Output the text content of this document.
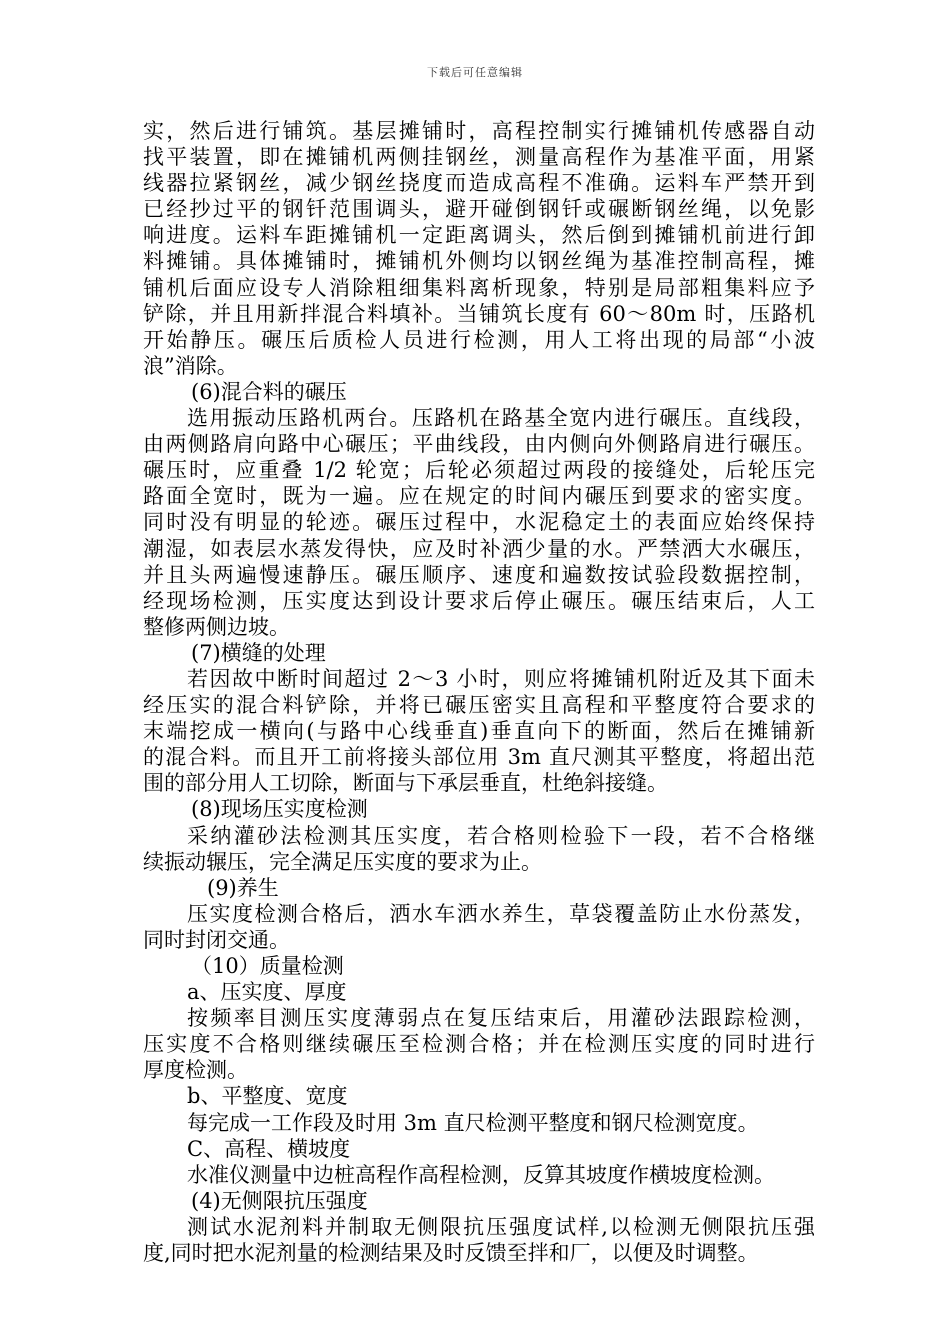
下载后可任意编辑
实，然后进行铺筑。基层摊铺时，高程控制实行摊铺机传感器自动
找平装置，即在摊铺机两侧挂钢丝，测量高程作为基准平面，用紧
线器拉紧钢丝，减少钢丝挠度而造成高程不准确。运料车严禁开到
已经抄过平的钢钎范围调头，避开碰倒钢钎或碾断钢丝绳，以免影
响进度。运料车距摊铺机一定距离调头，然后倒到摊铺机前进行卸
料摊铺。具体摊铺时，摊铺机外侧均以钢丝绳为基准控制高程，摊
铺机后面应设专人消除粗细集料离析现象，特别是局部粗集料应予
铲除，并且用新拌混合料填补。当铺筑长度有 60～80m 时，压路机
开始静压。碾压后质检人员进行检测，用人工将出现的局部“小波
浪”消除。
(6)混合料的碾压
选用振动压路机两台。压路机在路基全宽内进行碾压。直线段，
由两侧路肩向路中心碾压；平曲线段，由内侧向外侧路肩进行碾压。
碾压时，应重叠 1/2 轮宽；后轮必须超过两段的接缝处，后轮压完
路面全宽时，既为一遍。应在规定的时间内碾压到要求的密实度。
同时没有明显的轮迹。碾压过程中，水泥稳定土的表面应始终保持
潮湿，如表层水蒸发得快，应及时补洒少量的水。严禁洒大水碾压，
并且头两遍慢速静压。碾压顺序、速度和遍数按试验段数据控制，
经现场检测，压实度达到设计要求后停止碾压。碾压结束后，人工
整修两侧边坡。
(7)横缝的处理
若因故中断时间超过 2～3 小时，则应将摊铺机附近及其下面未
经压实的混合料铲除，并将已碾压密实且高程和平整度符合要求的
末端挖成一横向(与路中心线垂直)垂直向下的断面，然后在摊铺新
的混合料。而且开工前将接头部位用 3m 直尺测其平整度，将超出范
围的部分用人工切除，断面与下承层垂直，杜绝斜接缝。
(8)现场压实度检测
采纳灌砂法检测其压实度，若合格则检验下一段，若不合格继
续振动辗压，完全满足压实度的要求为止。
(9)养生
压实度检测合格后，洒水车洒水养生，草袋覆盖防止水份蒸发，
同时封闭交通。
（10）质量检测
a、压实度、厚度
按频率目测压实度薄弱点在复压结束后，用灌砂法跟踪检测，
压实度不合格则继续碾压至检测合格；并在检测压实度的同时进行
厚度检测。
b、平整度、宽度
每完成一工作段及时用 3m 直尺检测平整度和钢尺检测宽度。
C、高程、横坡度
水准仪测量中边桩高程作高程检测，反算其坡度作横坡度检测。
(4)无侧限抗压强度
测试水泥剂料并制取无侧限抗压强度试样,以检测无侧限抗压强
度,同时把水泥剂量的检测结果及时反馈至拌和厂，以便及时调整。
